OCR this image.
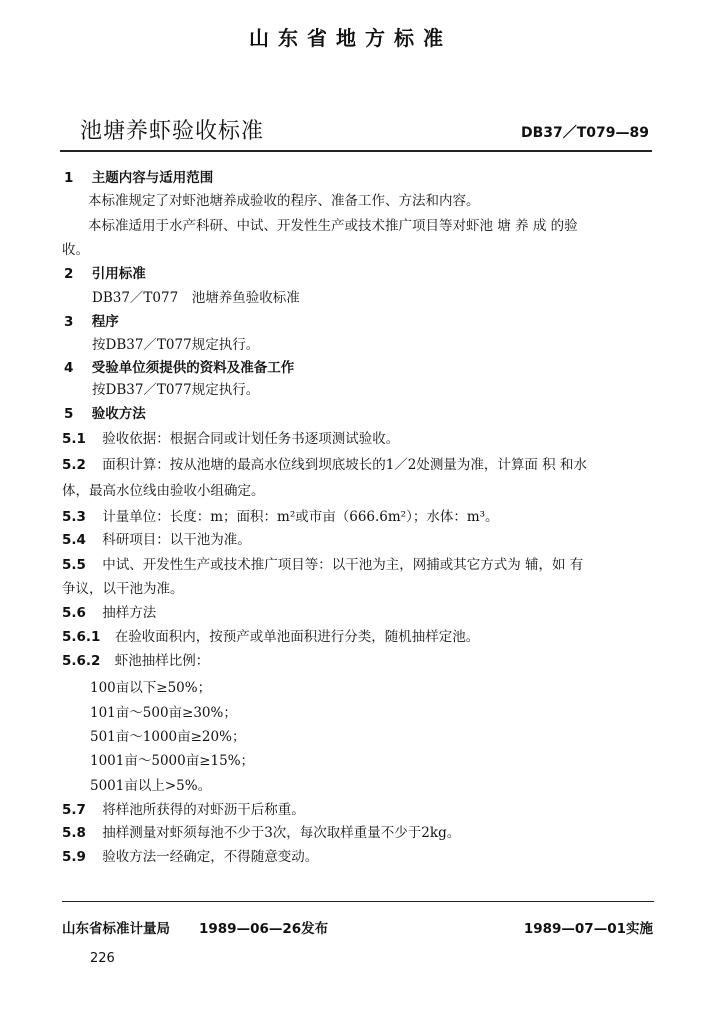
山东省地方标准
池塘养虾验收标准	DB37／T079—89
1 主题内容与适用范围
本标准规定了对虾池塘养成验收的程序、准备工作、方法和内容。
本标准适用于水产科研、中试、开发性生产或技术推广项目等对虾池 塘 养 成 的验
收。
2 引用标准
DB37／T077　池塘养鱼验收标准
3 程序
按DB37／T077规定执行。
4 受验单位须提供的资料及准备工作
按DB37／T077规定执行。
5 验收方法
5.1 验收依据：根据合同或计划任务书逐项测试验收。
5.2 面积计算：按从池塘的最高水位线到坝底坡长的1／2处测量为准，计算面 积 和水
体，最高水位线由验收小组确定。
5.3 计量单位：长度：m；面积：m²或市亩（666.6m²）；水体：m³。
5.4 科研项目：以干池为准。
5.5 中试、开发性生产或技术推广项目等：以干池为主，网捕或其它方式为 辅，如 有
争议，以干池为准。
5.6 抽样方法
5.6.1 在验收面积内，按预产或单池面积进行分类，随机抽样定池。
5.6.2 虾池抽样比例：
100亩以下≥50%；
101亩～500亩≥30%；
501亩～1000亩≥20%；
1001亩～5000亩≥15%；
5001亩以上>5%。
5.7 将样池所获得的对虾沥干后称重。
5.8 抽样测量对虾须每池不少于3次，每次取样重量不少于2kg。
5.9 验收方法一经确定，不得随意变动。
山东省标准计量局 1989—06—26发布	1989—07—01实施
226
